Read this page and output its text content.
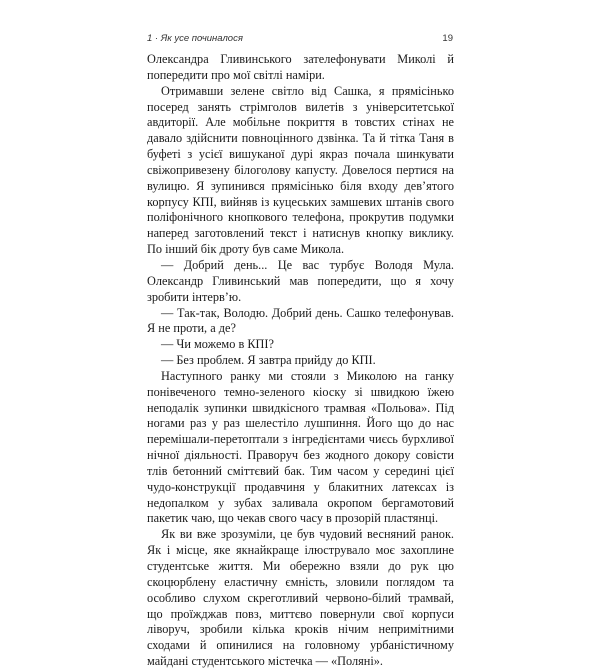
1 · Як усе починалося	19

Олександра Гливинського зателефонувати Миколі й попередити про мої світлі наміри.

Отримавши зелене світло від Сашка, я прямісінько посеред занять стрімголов вилетів з університетської авдиторії. Але мобільне покриття в товстих стінах не давало здійснити повноцінного дзвінка. Та й тітка Таня в буфеті з усієї вишуканої дурі якраз почала шинкувати свіжопривезену білоголову капусту. Довелося пертися на вулицю. Я зупинився прямісінько біля входу дев’ятого корпусу КПІ, вийняв із куцеських замшевих штанів свого поліфонічного кнопкового телефона, прокрутив подумки наперед заготовлений текст і натиснув кнопку виклику. По інший бік дроту був саме Микола.

— Добрий день... Це вас турбує Володя Мула. Олександр Гливинський мав попередити, що я хочу зробити інтерв’ю.

— Так-так, Володю. Добрий день. Сашко телефонував. Я не проти, а де?

— Чи можемо в КПІ?

— Без проблем. Я завтра прийду до КПІ.

Наступного ранку ми стояли з Миколою на ганку понівеченого темно-зеленого кіоску зі швидкою їжею неподалік зупинки швидкісного трамвая «Польова». Під ногами раз у раз шелестіло лушпиння. Його що до нас перемішали-перетоптали з інгредієнтами чиєсь бурхливої нічної діяльності. Праворуч без жодного докору совісти тлів бетонний сміттєвий бак. Тим часом у середині цієї чудо-конструкції продавчиня у блакитних латексах із недопалком у зубах заливала окропом бергамотовий пакетик чаю, що чекав свого часу в прозорій пластянці.

Як ви вже зрозуміли, це був чудовий весняний ранок. Як і місце, яке якнайкраще ілюструвало моє захоплине студентське життя. Ми обережно взяли до рук цю скоцюрблену еластичну ємність, зловили поглядом та особливо слухом скреготливий червоно-білий трамвай, що проїжджав повз, миттєво повернули свої корпуси ліворуч, зробили кілька кроків нічим непримітними сходами й опинилися на головному урбаністичному майдані студентського містечка — «Поляні».
